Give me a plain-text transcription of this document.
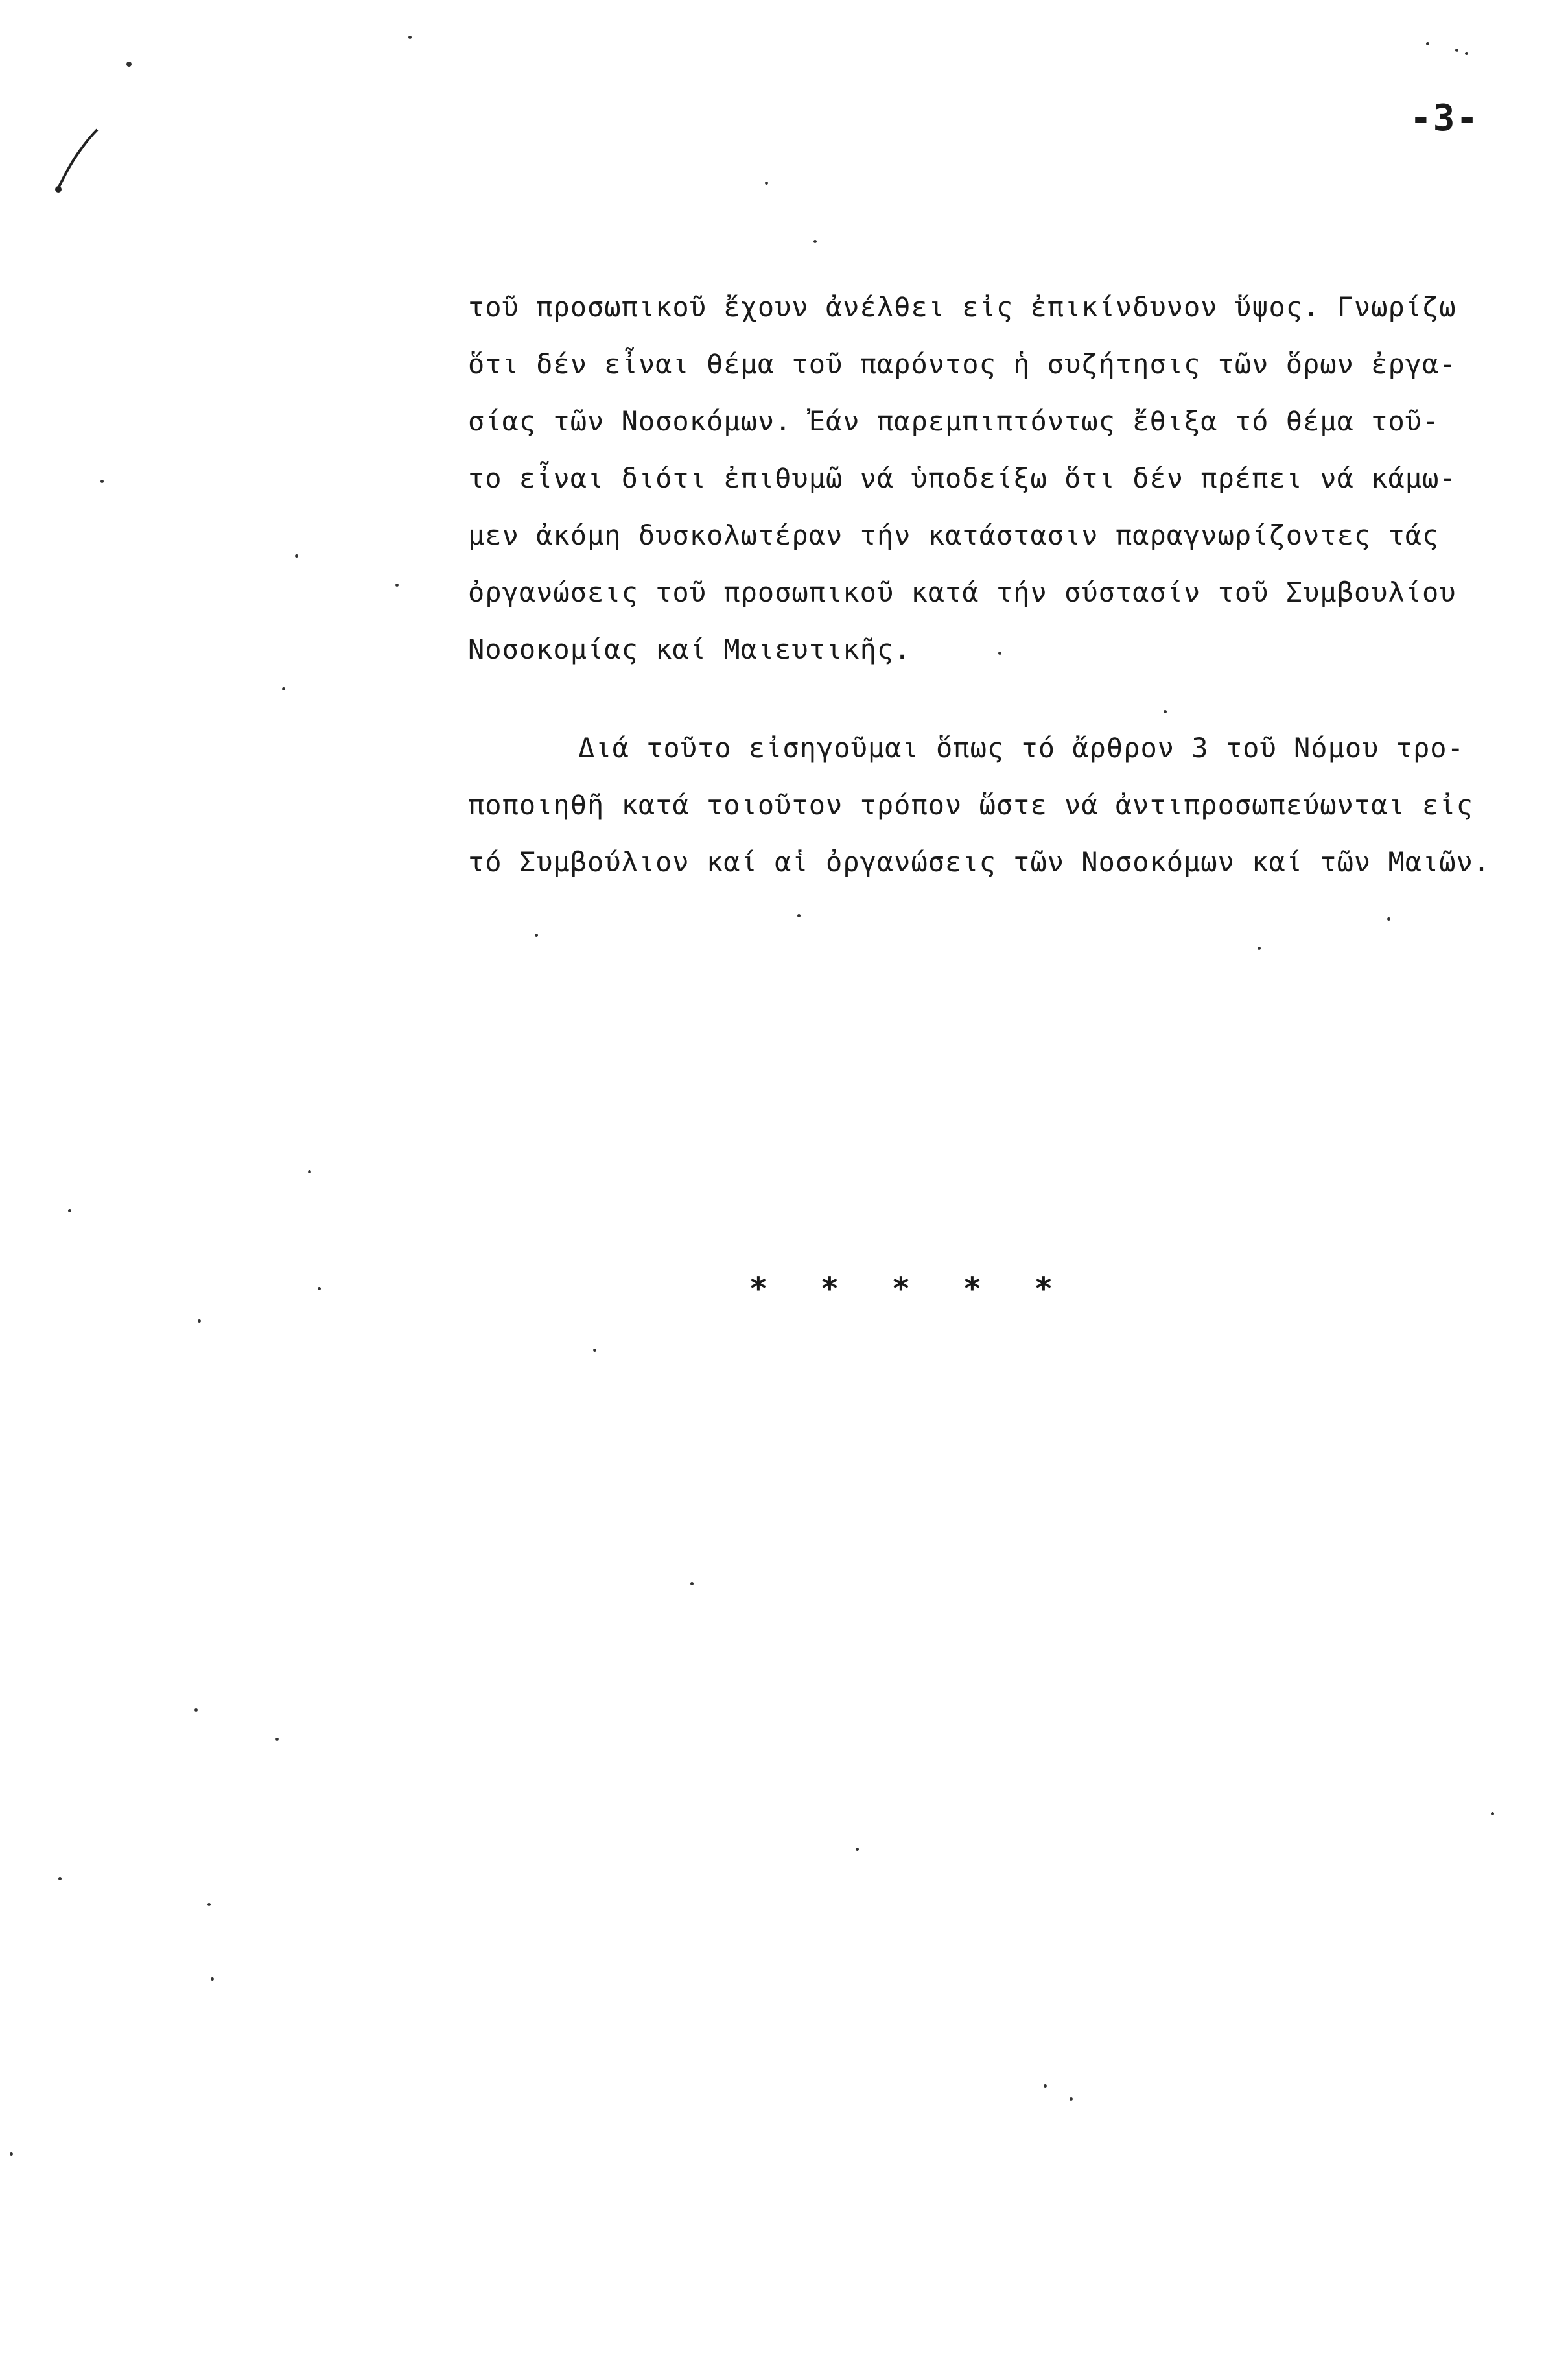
-3-
τοῦ προσωπικοῦ ἔχουν ἀνέλθει εἰς ἐπικίνδυνον ὕψος. Γνωρίζω
ὅτι δέν εἶναι θέμα τοῦ παρόντος ἡ συζήτησις τῶν ὅρων ἐργα-
σίας τῶν Νοσοκόμων. Ἐάν παρεμπιπτόντως ἔθιξα τό θέμα τοῦ-
το εἶναι διότι ἐπιθυμῶ νά ὑποδείξω ὅτι δέν πρέπει νά κάμω-
μεν ἀκόμη δυσκολωτέραν τήν κατάστασιν παραγνωρίζοντες τάς
ὀργανώσεις τοῦ προσωπικοῦ κατά τήν σύστασίν τοῦ Συμβουλίου
Νοσοκομίας καί Μαιευτικῆς.
Διά τοῦτο εἰσηγοῦμαι ὅπως τό ἄρθρον 3 τοῦ Νόμου τρο-
ποποιηθῆ κατά τοιοῦτον τρόπον ὥστε νά ἀντιπροσωπεύωνται εἰς
τό Συμβούλιον καί αἱ ὀργανώσεις τῶν Νοσοκόμων καί τῶν Μαιῶν.
* * * * *
